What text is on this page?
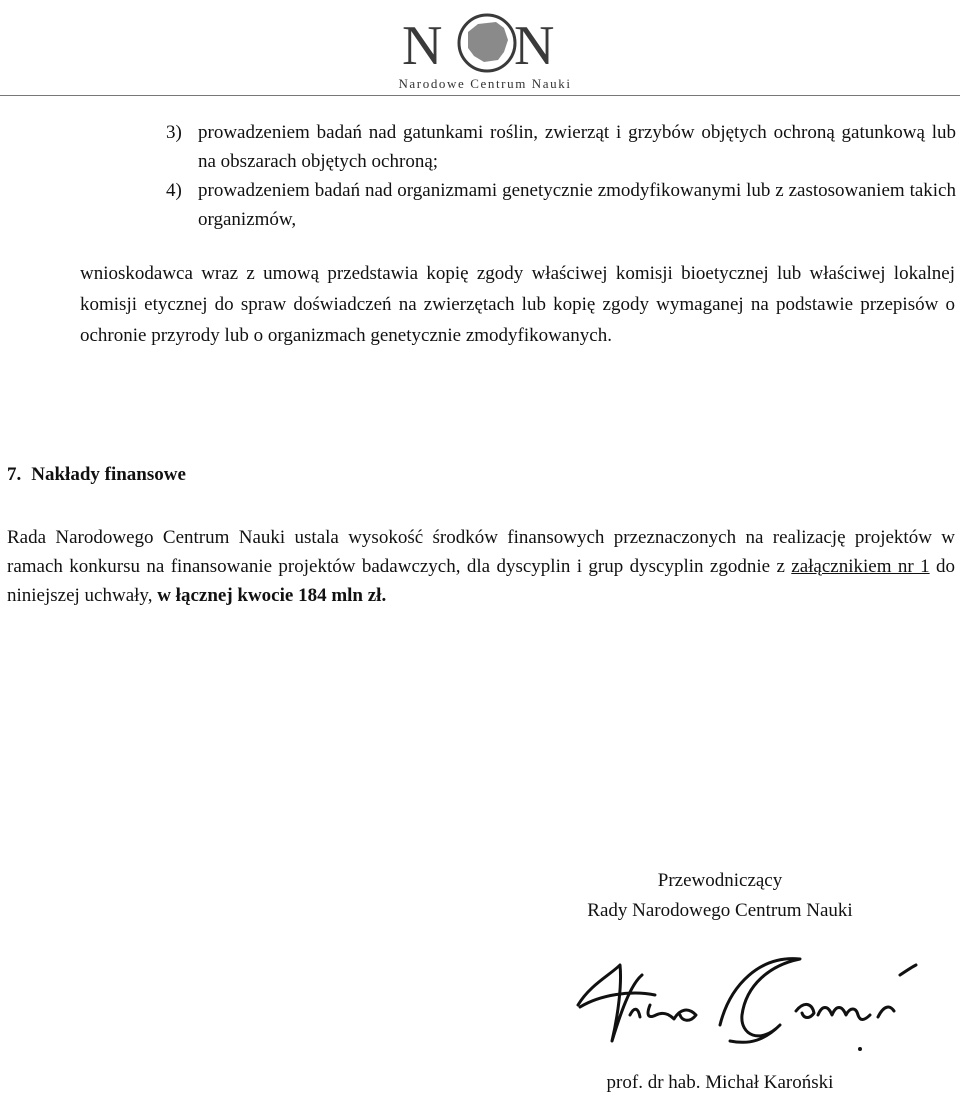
N N
Narodowe Centrum Nauki
3) prowadzeniem badań nad gatunkami roślin, zwierząt i grzybów objętych ochroną gatunkową lub na obszarach objętych ochroną;
4) prowadzeniem badań nad organizmami genetycznie zmodyfikowanymi lub z zastosowaniem takich organizmów,

wnioskodawca wraz z umową przedstawia kopię zgody właściwej komisji bioetycznej lub właściwej lokalnej komisji etycznej do spraw doświadczeń na zwierzętach lub kopię zgody wymaganej na podstawie przepisów o ochronie przyrody lub o organizmach genetycznie zmodyfikowanych.

7. Nakłady finansowe

Rada Narodowego Centrum Nauki ustala wysokość środków finansowych przeznaczonych na realizację projektów w ramach konkursu na finansowanie projektów badawczych, dla dyscyplin i grup dyscyplin zgodnie z załącznikiem nr 1 do niniejszej uchwały, w łącznej kwocie 184 mln zł.

Przewodniczący
Rady Narodowego Centrum Nauki
prof. dr hab. Michał Karoński
